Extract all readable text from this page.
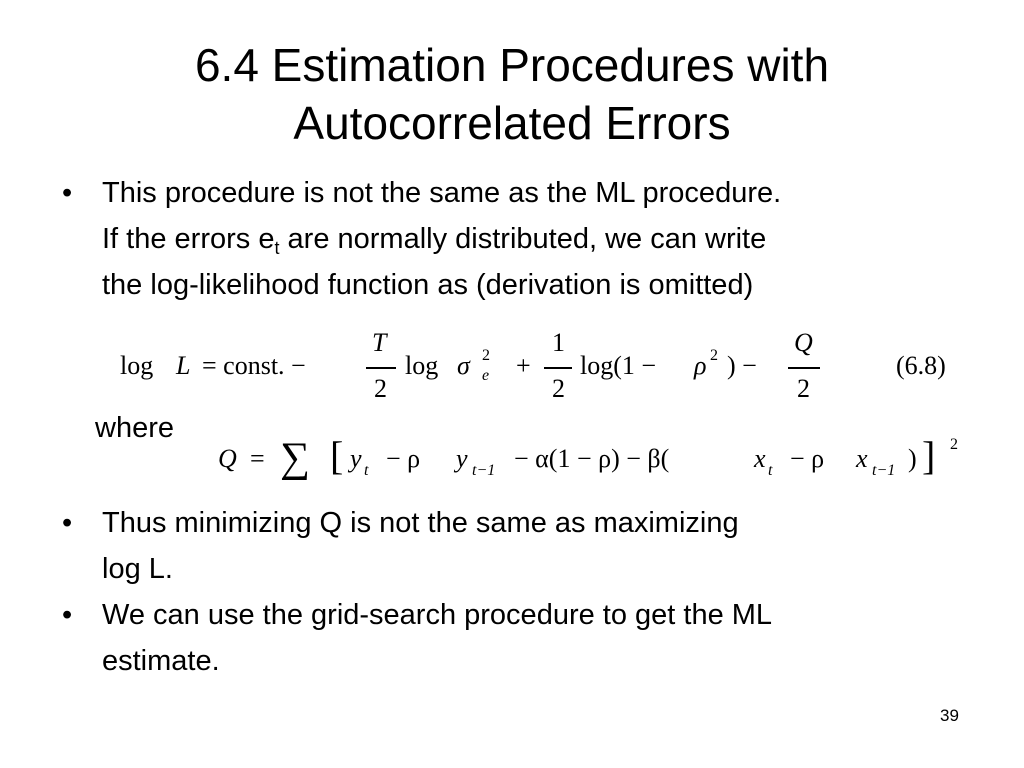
6.4 Estimation Procedures with
Autocorrelated Errors
• This procedure is not the same as the ML procedure.
If the errors $e_t$ are normally distributed, we can write
the log-likelihood function as (derivation is omitted)
log L = const. −
T
2
log σ 2
e +
1
2
log(1 − ρ 2 ) −
Q
2
(6.8)
where
Q = ∑ [ y t − ρ y t−1 − α(1 − ρ) − β(	x t − ρ x t−1 ) ] 2
• Thus minimizing Q is not the same as maximizing
log L.
• We can use the grid-search procedure to get the ML
estimate.
39
